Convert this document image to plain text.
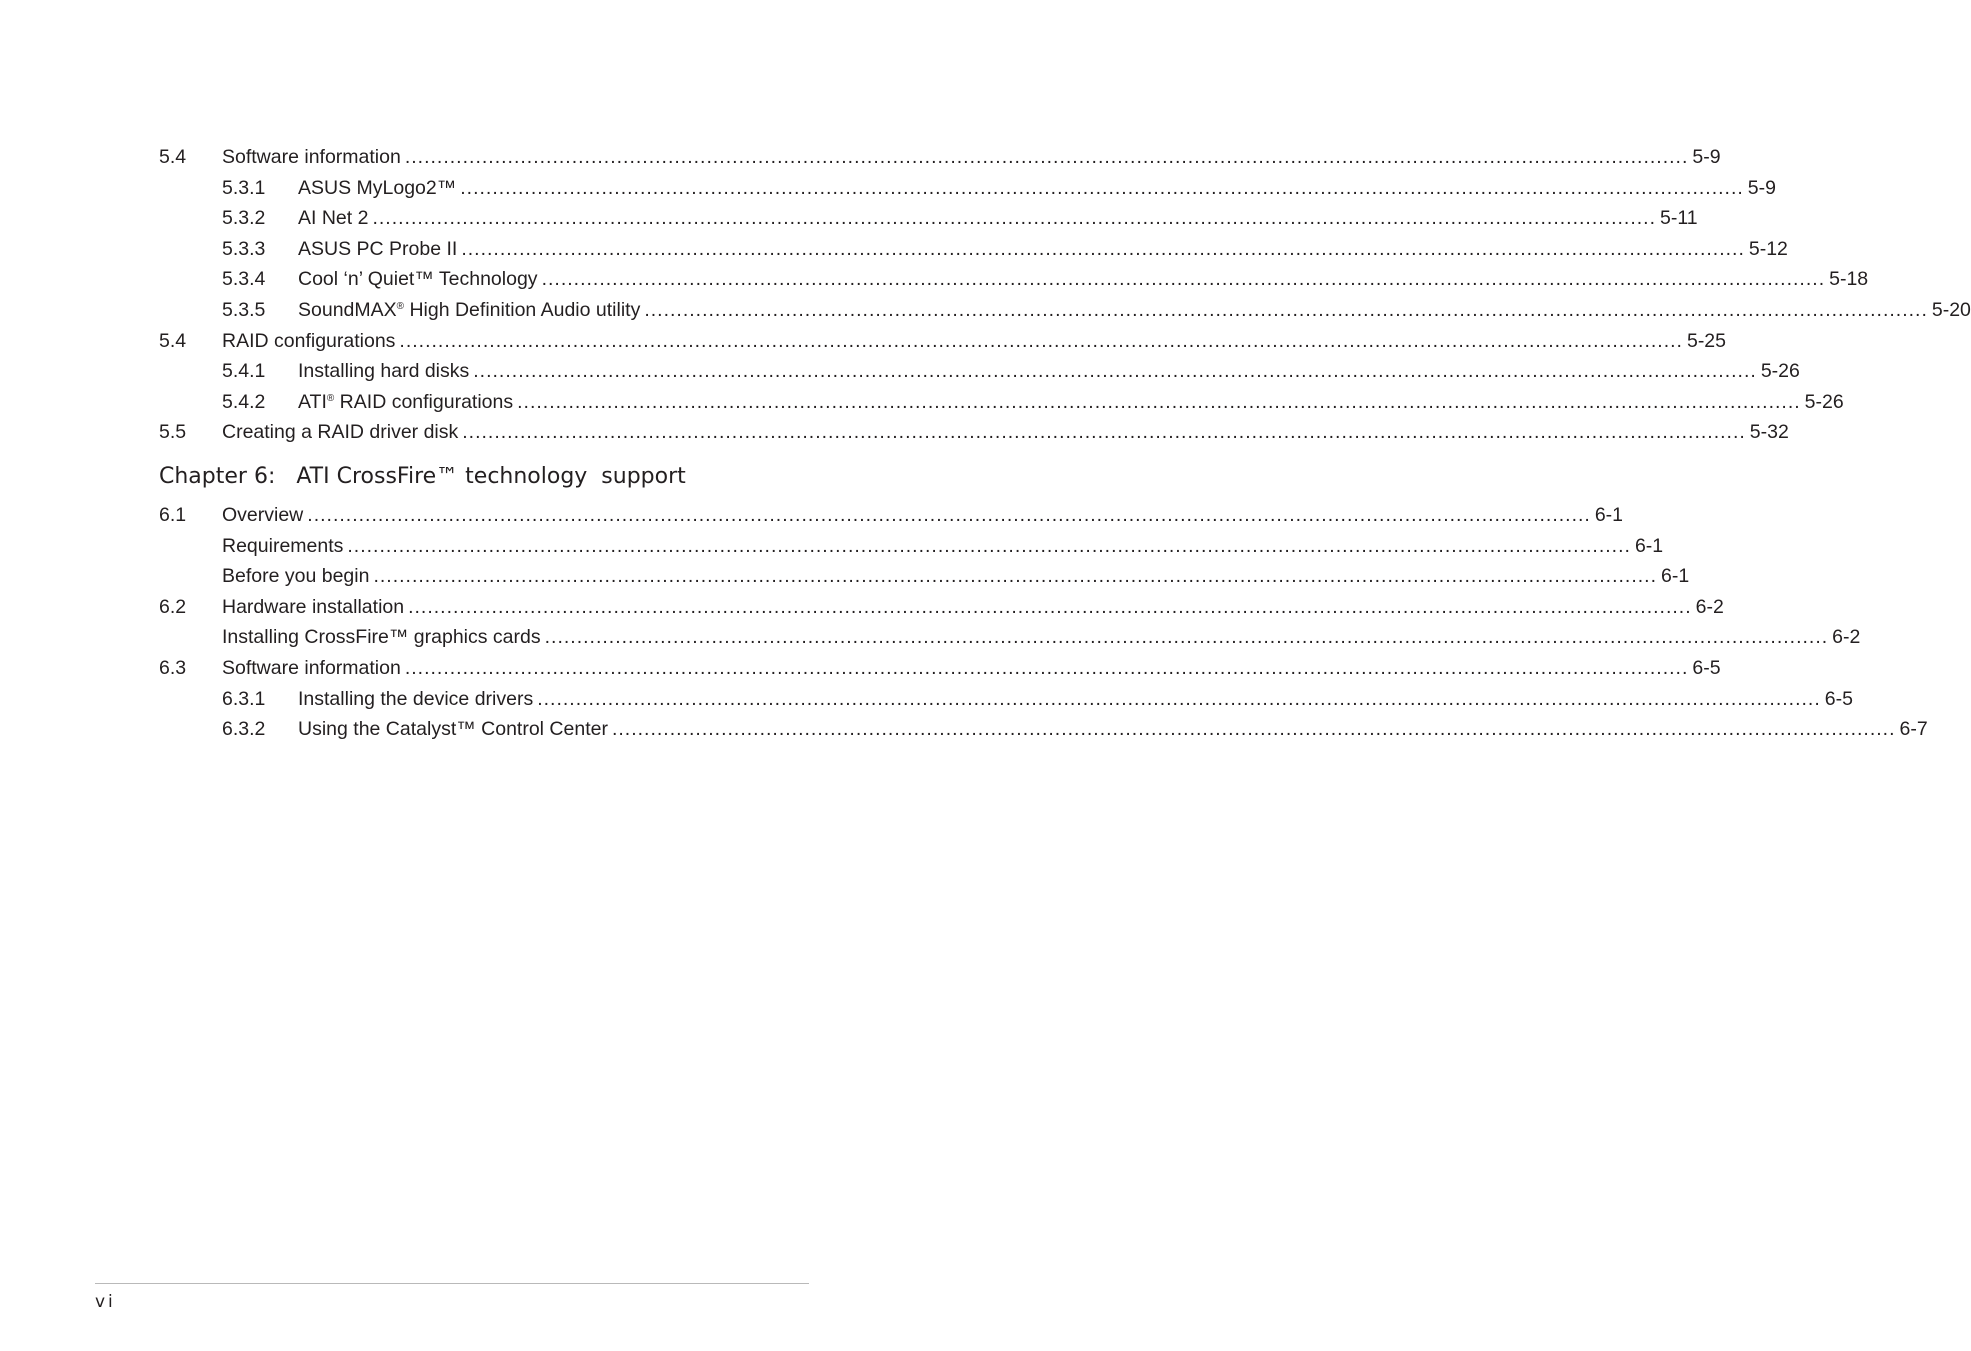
5.4	Software information ........................................................................................................................................................................................................ 5-9
5.3.1	ASUS MyLogo2™ ........................................................................................................................................................................................................ 5-9
5.3.2	AI Net 2 ........................................................................................................................................................................................................ 5-11
5.3.3	ASUS PC Probe II ........................................................................................................................................................................................................ 5-12
5.3.4	Cool ‘n’ Quiet™ Technology ........................................................................................................................................................................................................ 5-18
5.3.5	SoundMAX® High Definition Audio utility ........................................................................................................................................................................................................ 5-20
5.4	RAID configurations ........................................................................................................................................................................................................ 5-25
5.4.1	Installing hard disks ........................................................................................................................................................................................................ 5-26
5.4.2	ATI® RAID configurations ........................................................................................................................................................................................................ 5-26
5.5	Creating a RAID driver disk ........................................................................................................................................................................................................ 5-32
Chapter 6:   ATI CrossFire™ technology  support
6.1	Overview ........................................................................................................................................................................................................ 6-1
Requirements ........................................................................................................................................................................................................ 6-1
Before you begin ........................................................................................................................................................................................................ 6-1
6.2	Hardware installation ........................................................................................................................................................................................................ 6-2
Installing CrossFire™ graphics cards ........................................................................................................................................................................................................ 6-2
6.3	Software information ........................................................................................................................................................................................................ 6-5
6.3.1	Installing the device drivers ........................................................................................................................................................................................................ 6-5
6.3.2	Using the Catalyst™ Control Center ........................................................................................................................................................................................................ 6-7
vi
